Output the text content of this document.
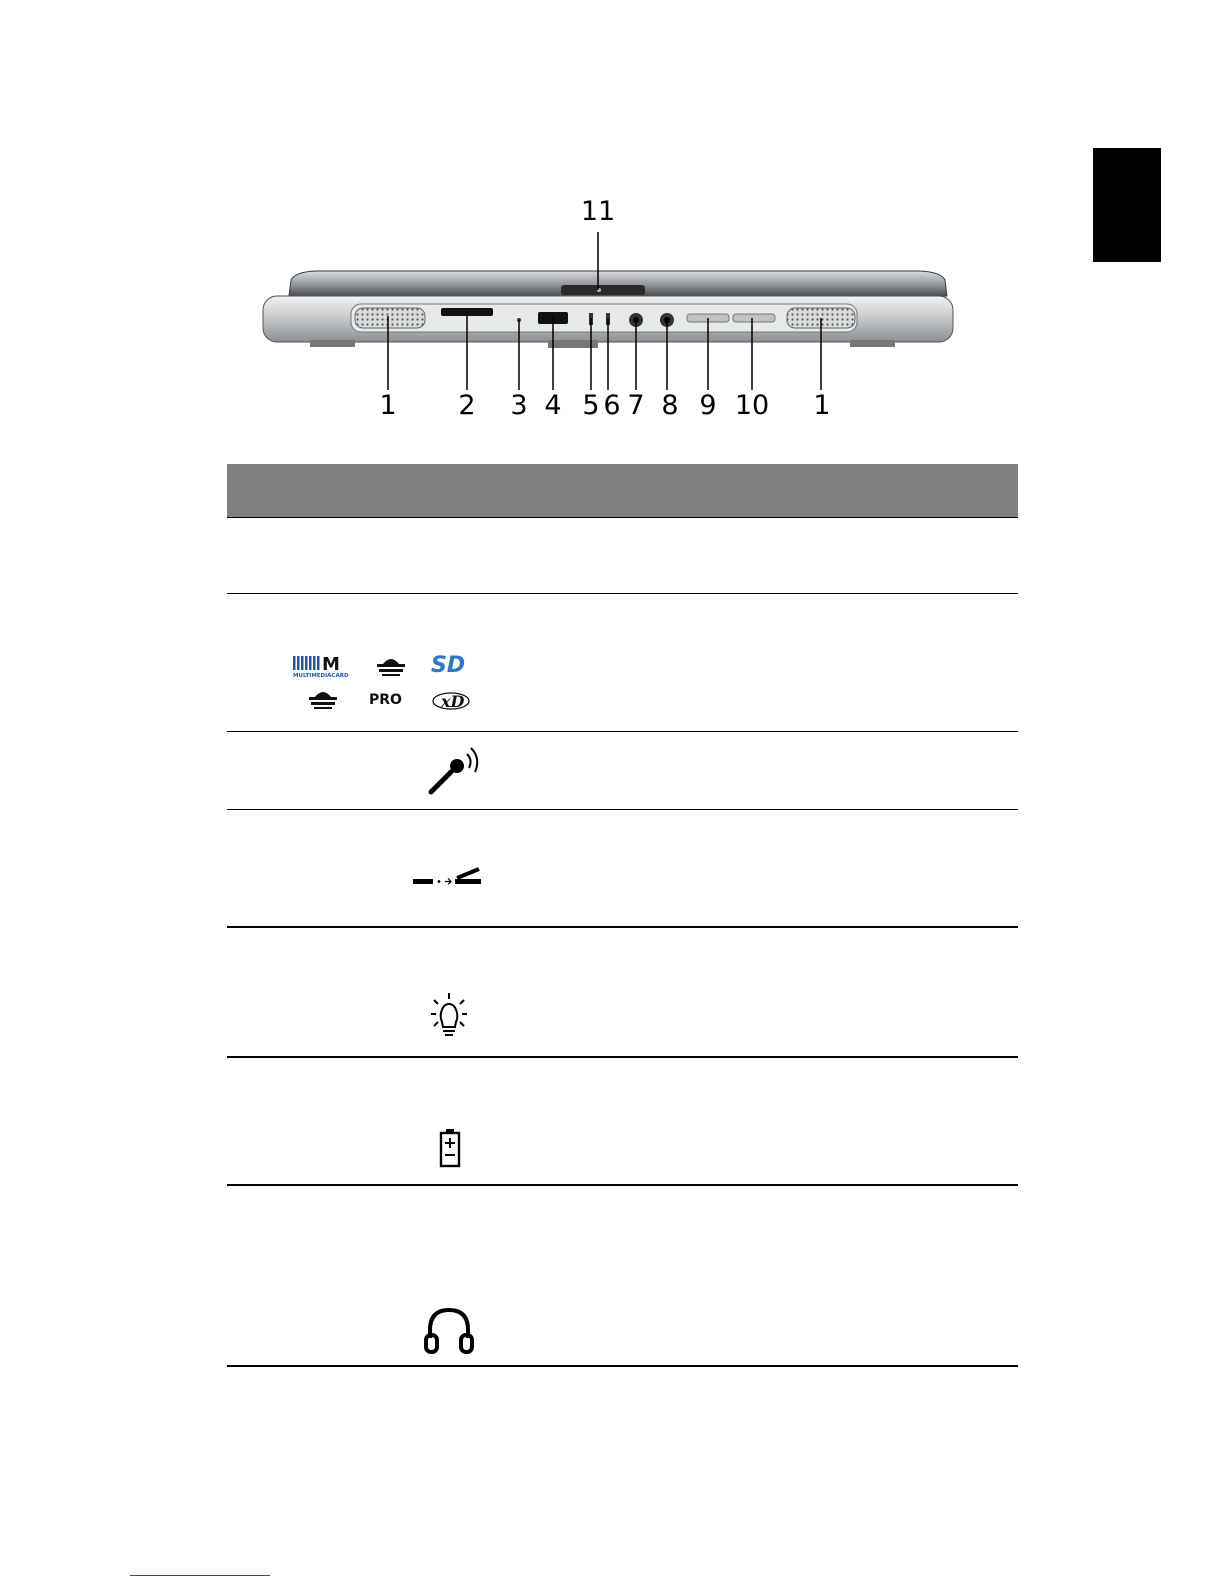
11
1 2 3 4 5 6 7 8 9 10 1
M
MULTIMEDIACARD	SD
PRO xD
